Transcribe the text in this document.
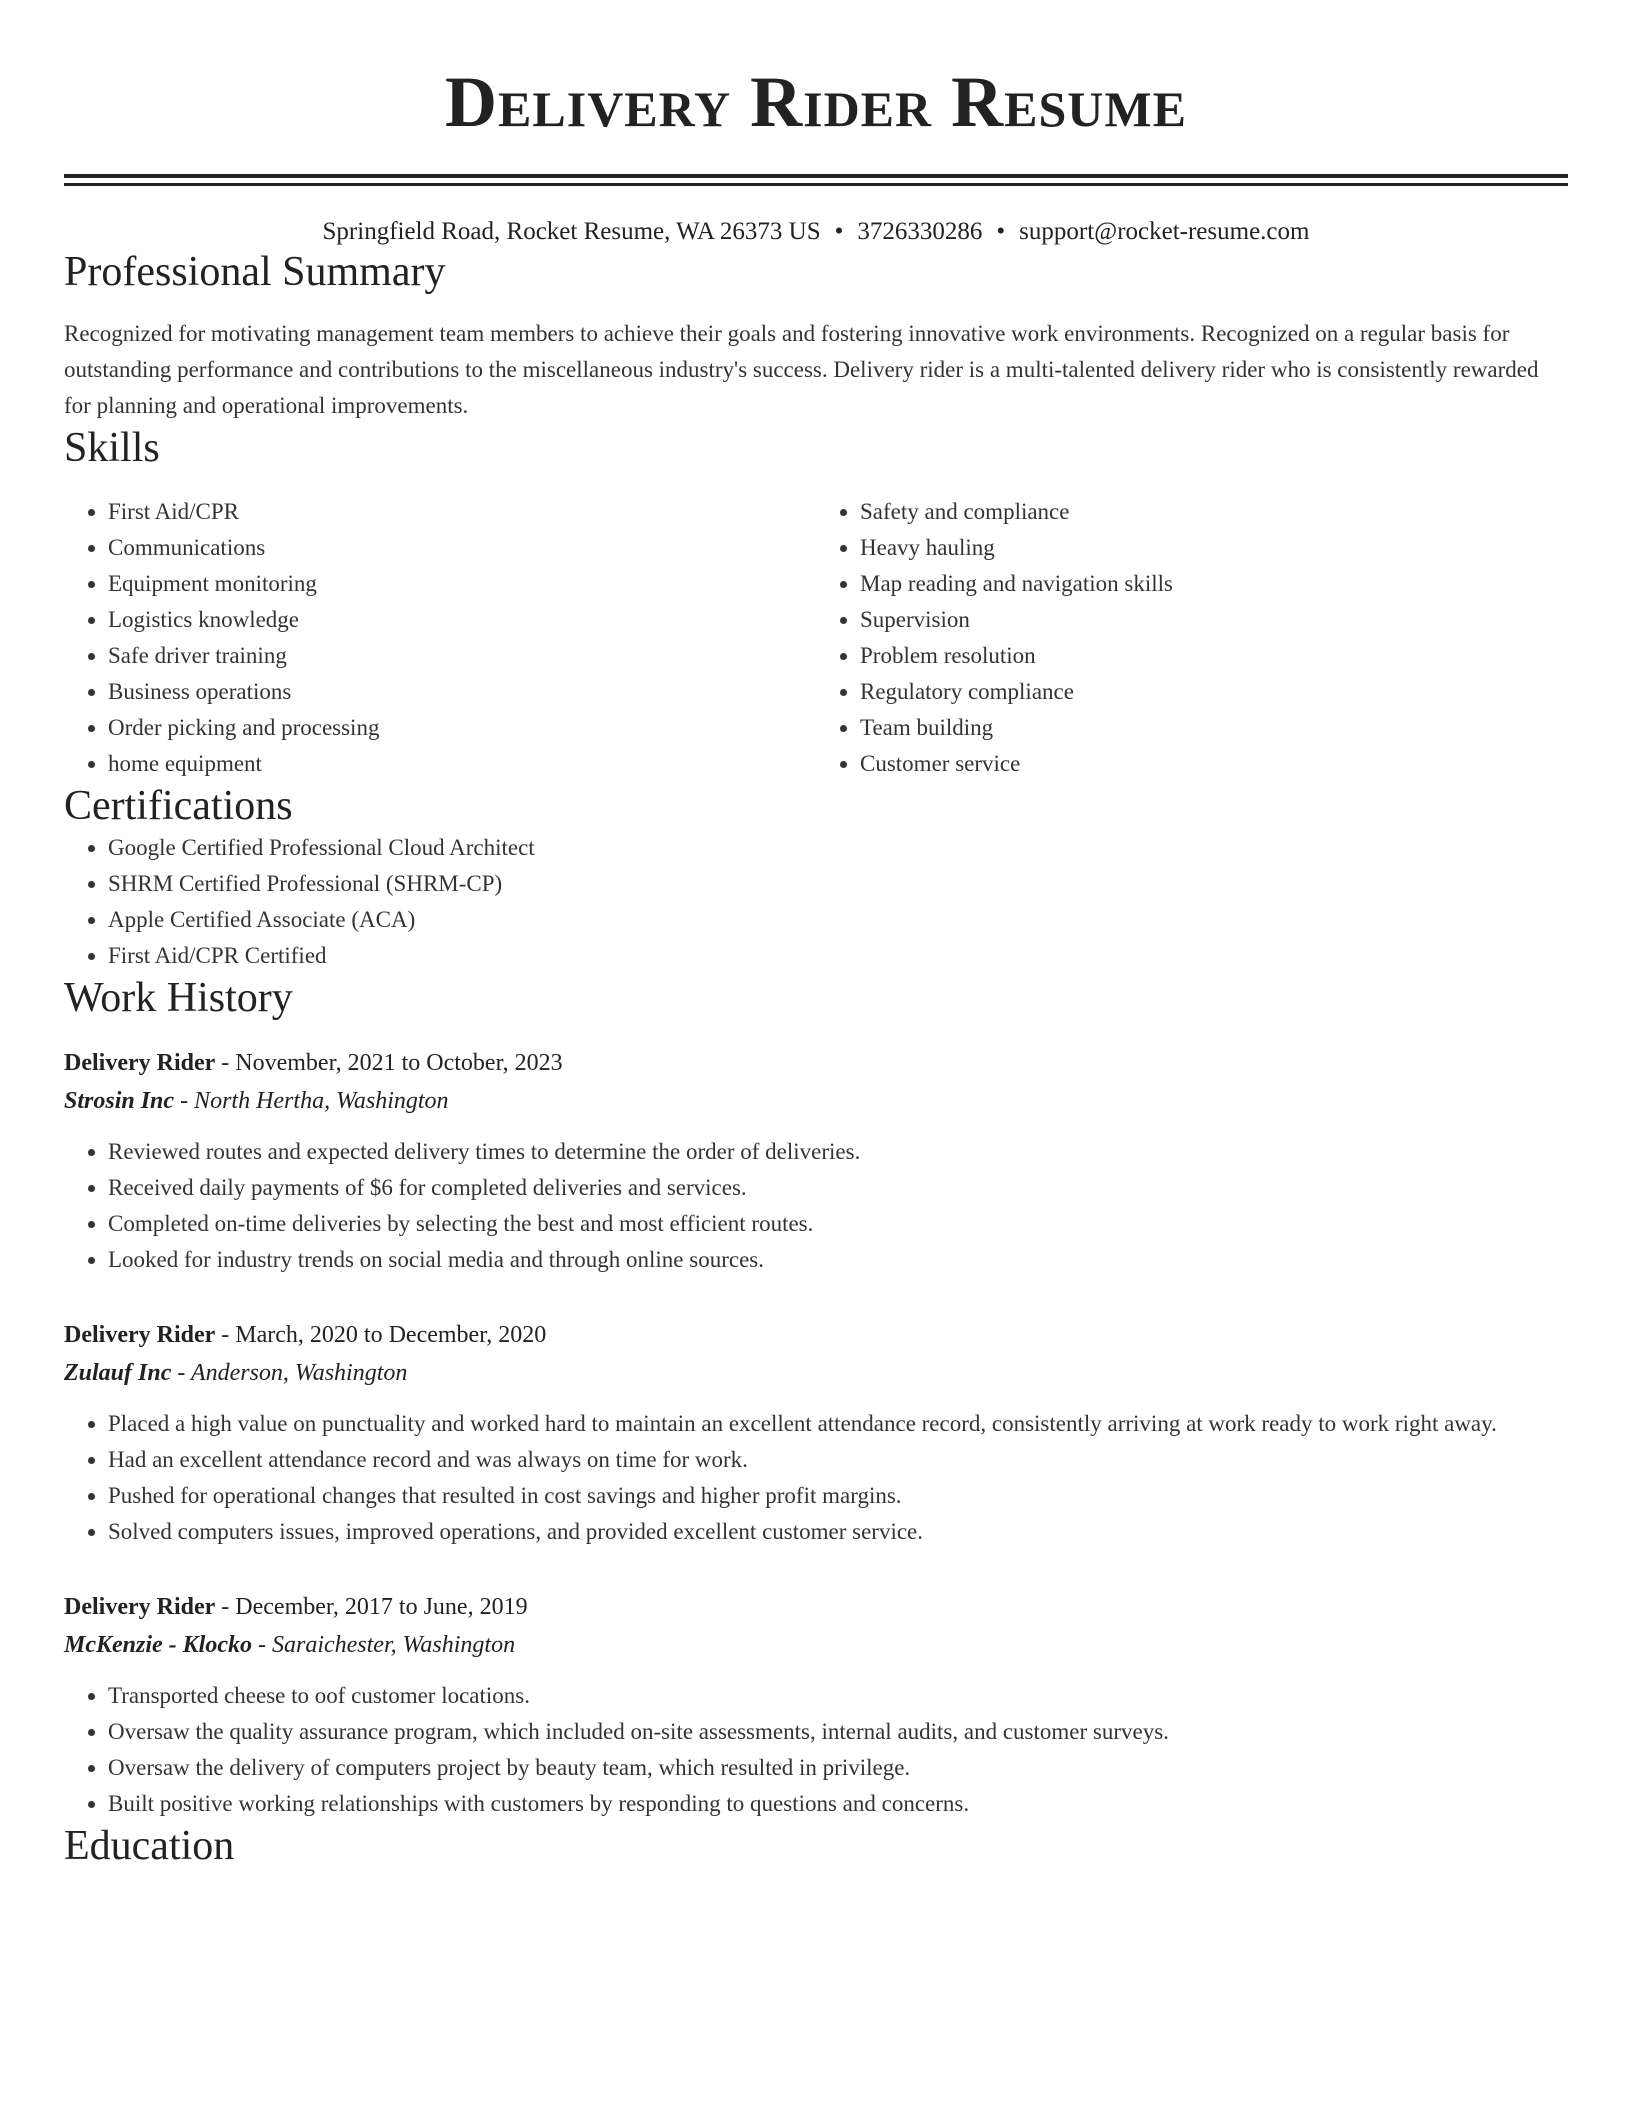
Delivery Rider Resume
Springfield Road, Rocket Resume, WA 26373 US • 3726330286 • support@rocket-resume.com
Professional Summary

Recognized for motivating management team members to achieve their goals and fostering innovative work environments. Recognized on a regular basis for outstanding performance and contributions to the miscellaneous industry's success. Delivery rider is a multi-talented delivery rider who is consistently rewarded for planning and operational improvements.

Skills
• First Aid/CPR
• Communications
• Equipment monitoring
• Logistics knowledge
• Safe driver training
• Business operations
• Order picking and processing
• home equipment
• Safety and compliance
• Heavy hauling
• Map reading and navigation skills
• Supervision
• Problem resolution
• Regulatory compliance
• Team building
• Customer service
Certifications
• Google Certified Professional Cloud Architect
• SHRM Certified Professional (SHRM-CP)
• Apple Certified Associate (ACA)
• First Aid/CPR Certified
Work History
Delivery Rider - November, 2021 to October, 2023
Strosin Inc - North Hertha, Washington
• Reviewed routes and expected delivery times to determine the order of deliveries.
• Received daily payments of $6 for completed deliveries and services.
• Completed on-time deliveries by selecting the best and most efficient routes.
• Looked for industry trends on social media and through online sources.
Delivery Rider - March, 2020 to December, 2020
Zulauf Inc - Anderson, Washington
• Placed a high value on punctuality and worked hard to maintain an excellent attendance record, consistently arriving at work ready to work right away.
• Had an excellent attendance record and was always on time for work.
• Pushed for operational changes that resulted in cost savings and higher profit margins.
• Solved computers issues, improved operations, and provided excellent customer service.
Delivery Rider - December, 2017 to June, 2019
McKenzie - Klocko - Saraichester, Washington
• Transported cheese to oof customer locations.
• Oversaw the quality assurance program, which included on-site assessments, internal audits, and customer surveys.
• Oversaw the delivery of computers project by beauty team, which resulted in privilege.
• Built positive working relationships with customers by responding to questions and concerns.
Education
